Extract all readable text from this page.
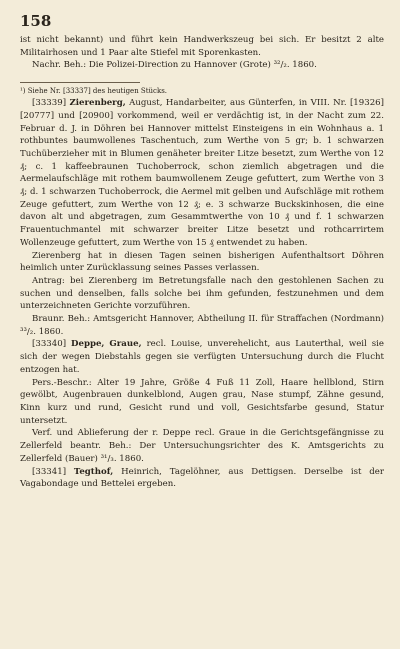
158

ist nicht bekannt) und führt kein Handwerkszeug bei sich. Er besitzt 2 alte Militairhosen und 1 Paar alte Stiefel mit Sporenkasten.

Nachr. Beh.: Die Polizei-Direction zu Hannover (Grote) ³²/₂. 1860.

¹) Siehe Nr. [33337] des heutigen Stücks.

[33339] Zierenberg, August, Handarbeiter, aus Günterfen, in VIII. Nr. [19326] [20777] und [20900] vorkommend, weil er verdächtig ist, in der Nacht zum 22. Februar d. J. in Döhren bei Hannover mittelst Einsteigens in ein Wohnhaus a. 1 rothbuntes baumwollenes Taschentuch, zum Werthe von 5 gr; b. 1 schwarzen Tuchüberzieher mit in Blumen genäheter breiter Litze besetzt, zum Werthe von 12 ₰; c. 1 kaffeebraunen Tuchoberrock, schon ziemlich abgetragen und die Aermelaufschläge mit rothem baumwollenem Zeuge gefuttert, zum Werthe von 3 ₰; d. 1 schwarzen Tuchoberrock, die Aermel mit gelben und Aufschläge mit rothem Zeuge gefuttert, zum Werthe von 12 ₰; e. 3 schwarze Buckskinhosen, die eine davon alt und abgetragen, zum Gesammtwerthe von 10 ₰ und f. 1 schwarzen Frauentuchmantel mit schwarzer breiter Litze besetzt und rothcarrirtem Wollenzeuge gefuttert, zum Werthe von 15 ₰ entwendet zu haben.

Zierenberg hat in diesen Tagen seinen bisherigen Aufenthaltsort Döhren heimlich unter Zurücklassung seines Passes verlassen.

Antrag: bei Zierenberg im Betretungsfalle nach den gestohlenen Sachen zu suchen und denselben, falls solche bei ihm gefunden, festzunehmen und dem unterzeichneten Gerichte vorzuführen.

Braunr. Beh.: Amtsgericht Hannover, Abtheilung II. für Straffachen (Nordmann) ³³/₂. 1860.

[33340] Deppe, Graue, recl. Louise, unverehelicht, aus Lauterthal, weil sie sich der wegen Diebstahls gegen sie verfügten Untersuchung durch die Flucht entzogen hat.

Pers.-Beschr.: Alter 19 Jahre, Größe 4 Fuß 11 Zoll, Haare hellblond, Stirn gewölbt, Augenbrauen dunkelblond, Augen grau, Nase stumpf, Zähne gesund, Kinn kurz und rund, Gesicht rund und voll, Gesichtsfarbe gesund, Statur untersetzt.

Verf. und Ablieferung der r. Deppe recl. Graue in die Gerichtsgefängnisse zu Zellerfeld beantr. Beh.: Der Untersuchungsrichter des K. Amtsgerichts zu Zellerfeld (Bauer) ³¹/₃. 1860.

[33341] Tegthof, Heinrich, Tagelöhner, aus Dettigsen. Derselbe ist der Vagabondage und Bettelei ergeben.
